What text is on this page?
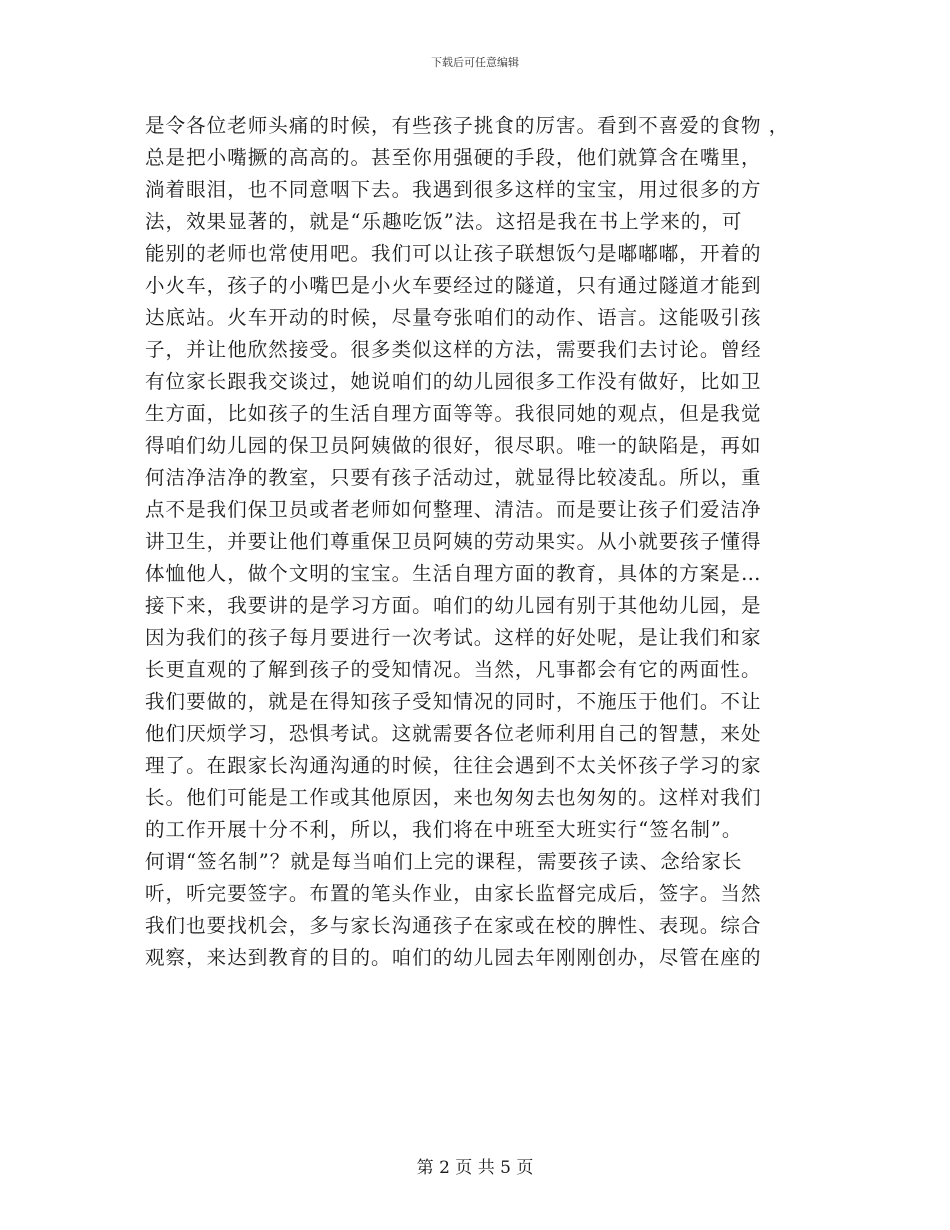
下载后可任意编辑
是令各位老师头痛的时候，有些孩子挑食的厉害。看到不喜爱的食物 ，
总是把小嘴撅的高高的。甚至你用强硬的手段，他们就算含在嘴里，
淌着眼泪，也不同意咽下去。我遇到很多这样的宝宝，用过很多的方
法，效果显著的，就是“乐趣吃饭”法。这招是我在书上学来的，可
能别的老师也常使用吧。我们可以让孩子联想饭勺是嘟嘟嘟，开着的
小火车，孩子的小嘴巴是小火车要经过的隧道，只有通过隧道才能到
达底站。火车开动的时候，尽量夸张咱们的动作、语言。这能吸引孩
子，并让他欣然接受。很多类似这样的方法，需要我们去讨论。曾经
有位家长跟我交谈过，她说咱们的幼儿园很多工作没有做好，比如卫
生方面，比如孩子的生活自理方面等等。我很同她的观点，但是我觉
得咱们幼儿园的保卫员阿姨做的很好，很尽职。唯一的缺陷是，再如
何洁净洁净的教室，只要有孩子活动过，就显得比较凌乱。所以，重
点不是我们保卫员或者老师如何整理、清洁。而是要让孩子们爱洁净
讲卫生，并要让他们尊重保卫员阿姨的劳动果实。从小就要孩子懂得
体恤他人，做个文明的宝宝。生活自理方面的教育，具体的方案是…
接下来，我要讲的是学习方面。咱们的幼儿园有别于其他幼儿园，是
因为我们的孩子每月要进行一次考试。这样的好处呢，是让我们和家
长更直观的了解到孩子的受知情况。当然，凡事都会有它的两面性。
我们要做的，就是在得知孩子受知情况的同时，不施压于他们。不让
他们厌烦学习，恐惧考试。这就需要各位老师利用自己的智慧，来处
理了。在跟家长沟通沟通的时候，往往会遇到不太关怀孩子学习的家
长。他们可能是工作或其他原因，来也匆匆去也匆匆的。这样对我们
的工作开展十分不利，所以，我们将在中班至大班实行“签名制”。
何谓“签名制”？就是每当咱们上完的课程，需要孩子读、念给家长
听，听完要签字。布置的笔头作业，由家长监督完成后，签字。当然
我们也要找机会，多与家长沟通孩子在家或在校的脾性、表现。综合
观察，来达到教育的目的。咱们的幼儿园去年刚刚创办，尽管在座的
第 2 页 共 5 页
